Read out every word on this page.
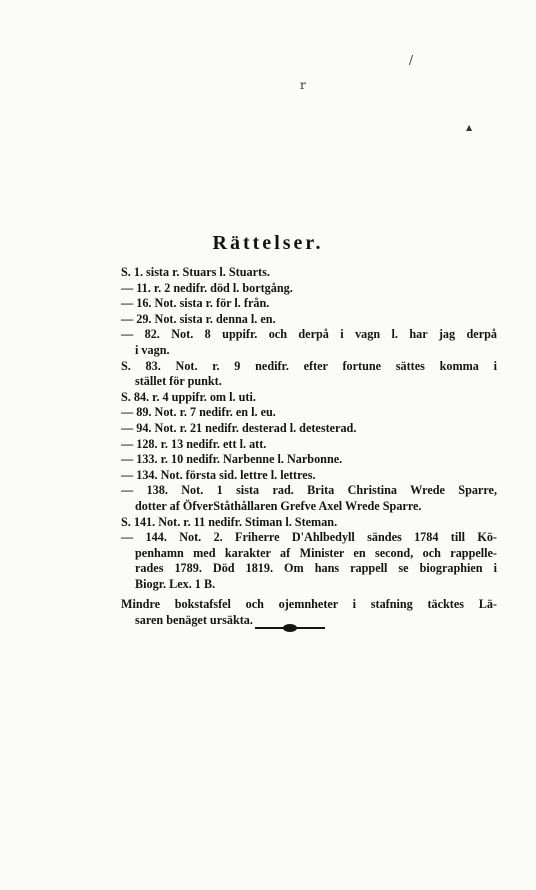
/
r
▲
Rättelser.
S. 1. sista r. Stuars l. Stuarts.
— 11. r. 2 nedifr. död l. bortgång.
— 16. Not. sista r. för l. från.
— 29. Not. sista r. denna l. en.
— 82. Not. 8 uppifr. och derpå i vagn l. har jag derpå
i vagn.
S. 83. Not. r. 9 nedifr. efter fortune sättes komma i
stället för punkt.
S. 84. r. 4 uppifr. om l. uti.
— 89. Not. r. 7 nedifr. en l. eu.
— 94. Not. r. 21 nedifr. desterad l. detesterad.
— 128. r. 13 nedifr. ett l. att.
— 133. r. 10 nedifr. Narbenne l. Narbonne.
— 134. Not. första sid. lettre l. lettres.
— 138. Not. 1 sista rad. Brita Christina Wrede Sparre,
dotter af ÖfverStåthållaren Grefve Axel Wrede Sparre.
S. 141. Not. r. 11 nedifr. Stiman l. Steman.
— 144. Not. 2. Friherre D'Ahlbedyll sändes 1784 till Kö-
penhamn med karakter af Minister en second, och rappelle-
rades 1789. Död 1819. Om hans rappell se biographien i
Biogr. Lex. 1 B.
Mindre bokstafsfel och ojemnheter i stafning täcktes Lä-
saren benäget ursäkta.
